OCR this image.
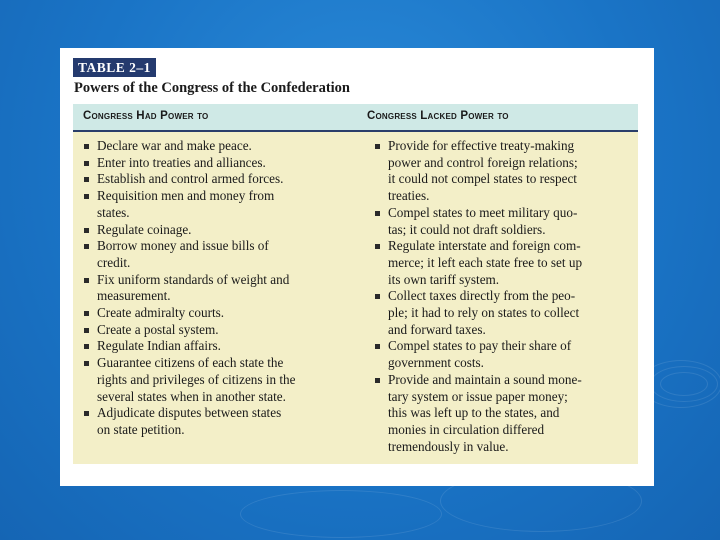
TABLE 2–1
Powers of the Congress of the Confederation
Congress Had Power to	Congress Lacked Power to
Declare war and make peace.
Enter into treaties and alliances.
Establish and control armed forces.
Requisition men and money from
states.
Regulate coinage.
Borrow money and issue bills of
credit.
Fix uniform standards of weight and
measurement.
Create admiralty courts.
Create a postal system.
Regulate Indian affairs.
Guarantee citizens of each state the
rights and privileges of citizens in the
several states when in another state.
Adjudicate disputes between states
on state petition.
Provide for effective treaty-making
power and control foreign relations;
it could not compel states to respect
treaties.
Compel states to meet military quo-
tas; it could not draft soldiers.
Regulate interstate and foreign com-
merce; it left each state free to set up
its own tariff system.
Collect taxes directly from the peo-
ple; it had to rely on states to collect
and forward taxes.
Compel states to pay their share of
government costs.
Provide and maintain a sound mone-
tary system or issue paper money;
this was left up to the states, and
monies in circulation differed
tremendously in value.
